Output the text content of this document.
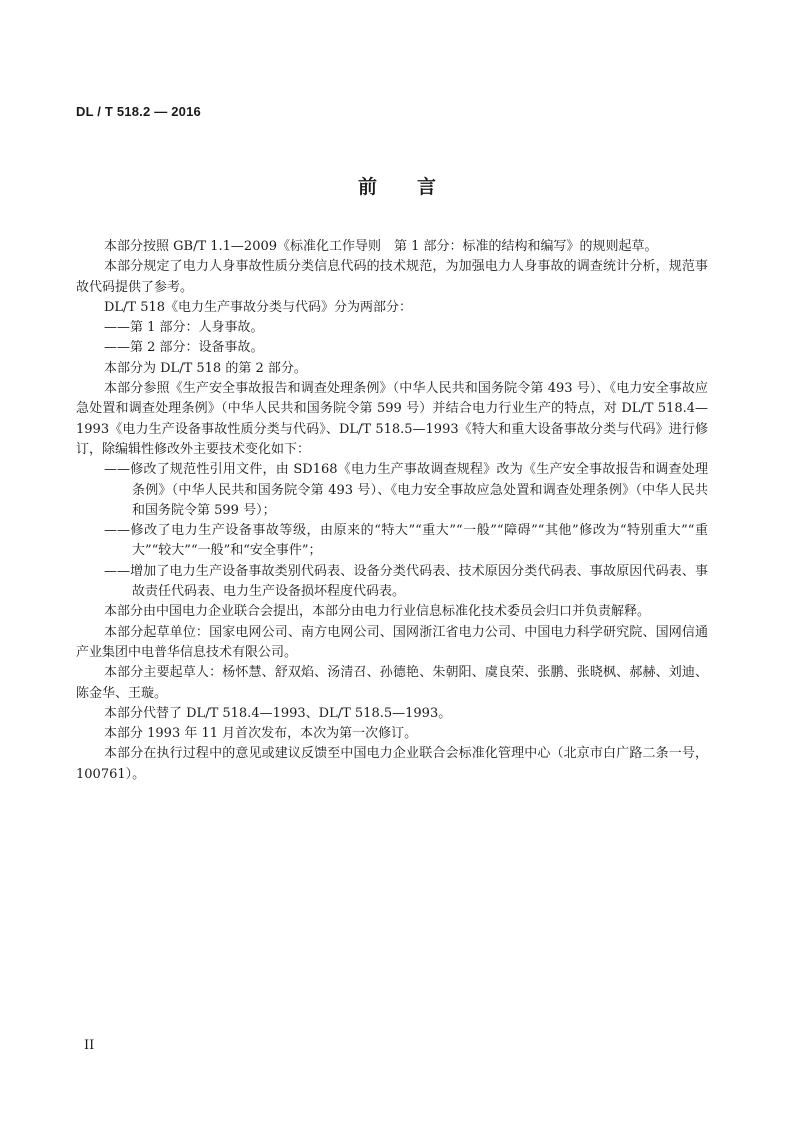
DL / T 518.2 — 2016
前 言

本部分按照 GB/T 1.1—2009《标准化工作导则　第 1 部分：标准的结构和编写》的规则起草。

本部分规定了电力人身事故性质分类信息代码的技术规范，为加强电力人身事故的调查统计分析，规范事故代码提供了参考。

DL/T 518《电力生产事故分类与代码》分为两部分：

——第 1 部分：人身事故。

——第 2 部分：设备事故。

本部分为 DL/T 518 的第 2 部分。

本部分参照《生产安全事故报告和调查处理条例》（中华人民共和国务院令第 493 号）、《电力安全事故应急处置和调查处理条例》（中华人民共和国务院令第 599 号）并结合电力行业生产的特点，对 DL/T 518.4—1993《电力生产设备事故性质分类与代码》、DL/T 518.5—1993《特大和重大设备事故分类与代码》进行修订，除编辑性修改外主要技术变化如下：

——修改了规范性引用文件，由 SD168《电力生产事故调查规程》改为《生产安全事故报告和调查处理条例》（中华人民共和国务院令第 493 号）、《电力安全事故应急处置和调查处理条例》（中华人民共和国务院令第 599 号）；

——修改了电力生产设备事故等级，由原来的“特大”“重大”“一般”“障碍”“其他”修改为“特别重大”“重大”“较大”“一般”和“安全事件”；

——增加了电力生产设备事故类别代码表、设备分类代码表、技术原因分类代码表、事故原因代码表、事故责任代码表、电力生产设备损坏程度代码表。

本部分由中国电力企业联合会提出，本部分由电力行业信息标准化技术委员会归口并负责解释。

本部分起草单位：国家电网公司、南方电网公司、国网浙江省电力公司、中国电力科学研究院、国网信通产业集团中电普华信息技术有限公司。

本部分主要起草人：杨怀慧、舒双焰、汤清召、孙德艳、朱朝阳、虞良荣、张鹏、张晓枫、郝赫、刘迪、陈金华、王璇。

本部分代替了 DL/T 518.4—1993、DL/T 518.5—1993。

本部分 1993 年 11 月首次发布，本次为第一次修订。

本部分在执行过程中的意见或建议反馈至中国电力企业联合会标准化管理中心（北京市白广路二条一号，100761）。

II
